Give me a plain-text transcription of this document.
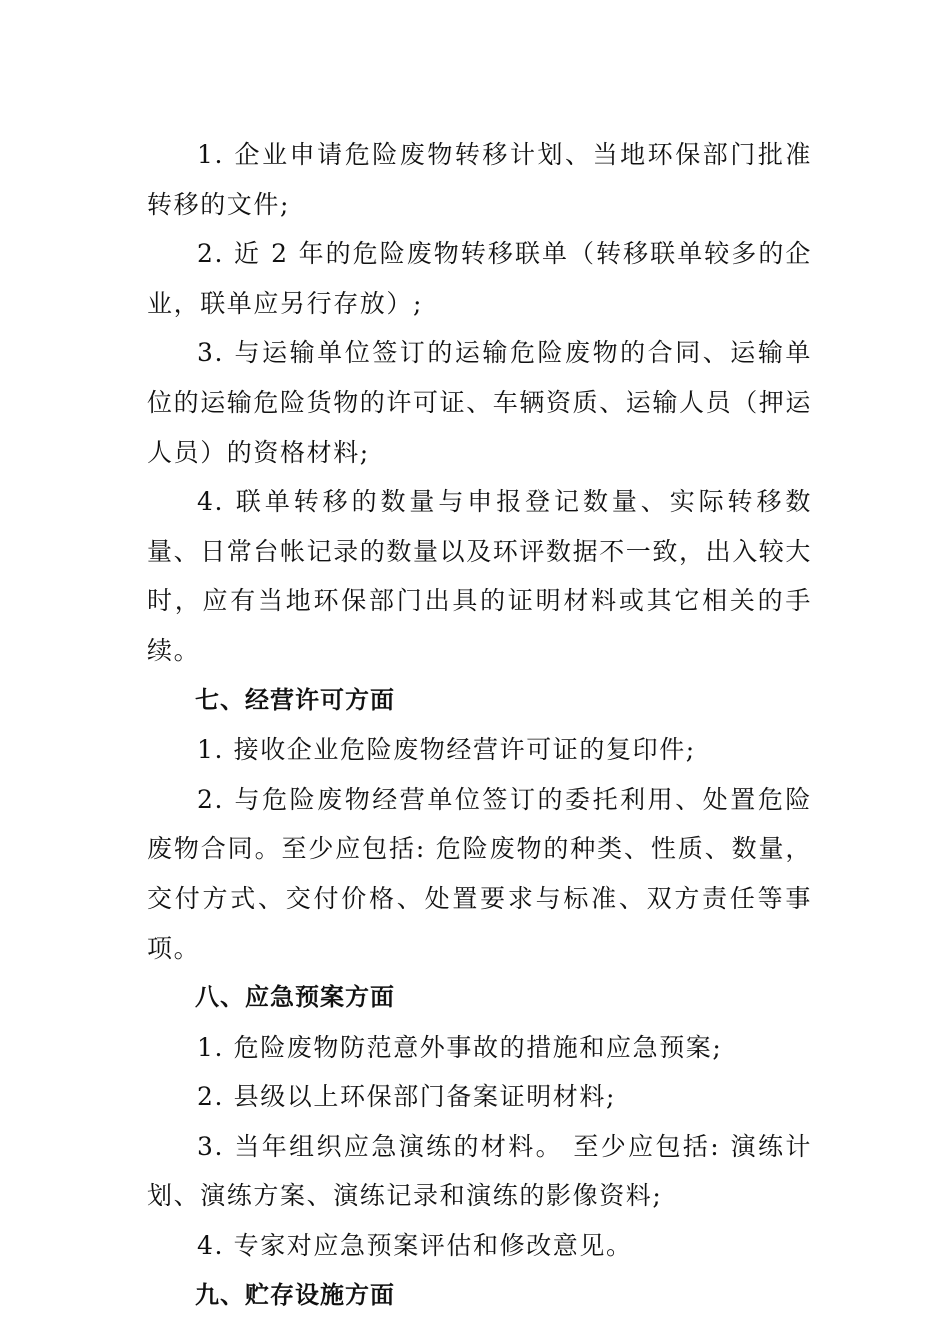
1. 企业申请危险废物转移计划、当地环保部门批准转移的文件;

2. 近 2 年的危险废物转移联单（转移联单较多的企业，联单应另行存放）;

3. 与运输单位签订的运输危险废物的合同、运输单位的运输危险货物的许可证、车辆资质、运输人员（押运人员）的资格材料;

4. 联单转移的数量与申报登记数量、实际转移数量、日常台帐记录的数量以及环评数据不一致，出入较大时，应有当地环保部门出具的证明材料或其它相关的手续。

七、经营许可方面

1. 接收企业危险废物经营许可证的复印件;

2. 与危险废物经营单位签订的委托利用、处置危险废物合同。至少应包括: 危险废物的种类、性质、数量，交付方式、交付价格、处置要求与标准、双方责任等事项。

八、应急预案方面

1. 危险废物防范意外事故的措施和应急预案;

2. 县级以上环保部门备案证明材料;

3. 当年组织应急演练的材料。 至少应包括: 演练计划、演练方案、演练记录和演练的影像资料;

4. 专家对应急预案评估和修改意见。

九、贮存设施方面
